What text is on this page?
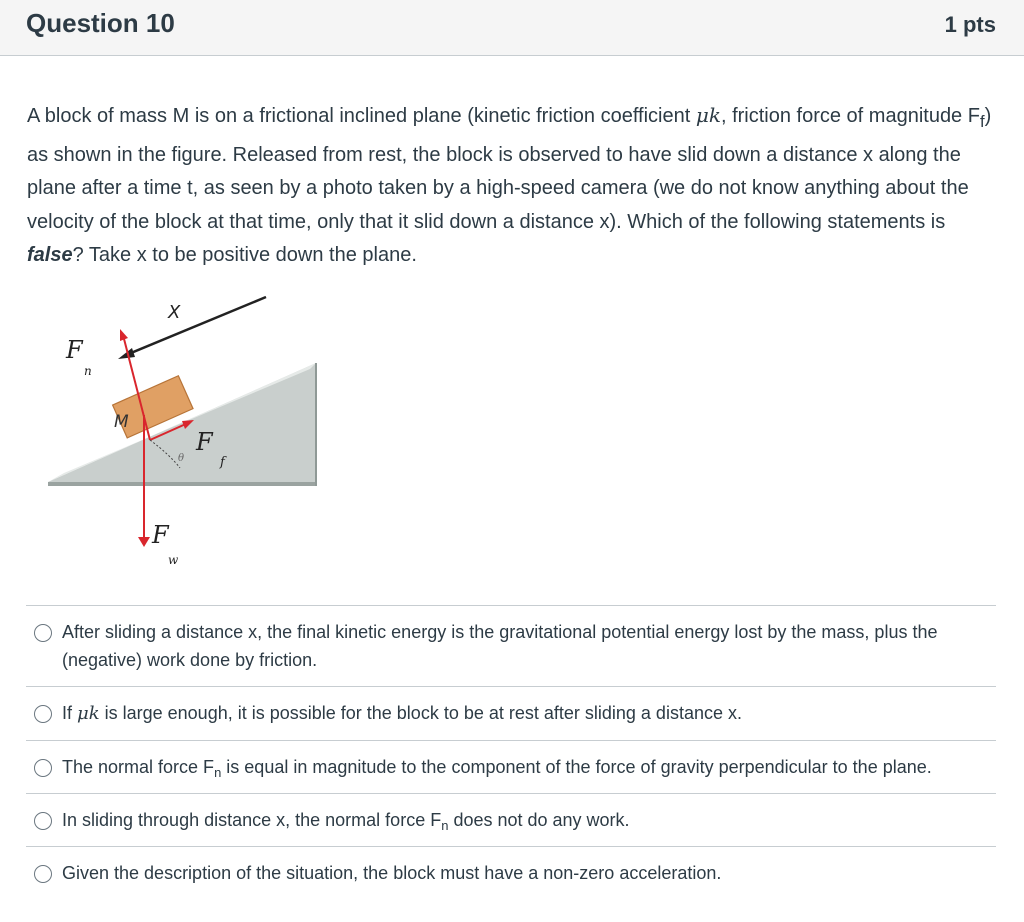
Question 10	1 pts
A block of mass M is on a frictional inclined plane (kinetic friction coefficient μk, friction force of magnitude $F_f$) as shown in the figure. Released from rest, the block is observed to have slid down a distance x along the plane after a time t, as seen by a photo taken by a high-speed camera (we do not know anything about the velocity of the block at that time, only that it slid down a distance x). Which of the following statements is false? Take x to be positive down the plane.
X
M
F
n
F
f
θ
F
w
After sliding a distance x, the final kinetic energy is the gravitational potential energy lost by the mass, plus the (negative) work done by friction.
If μk is large enough, it is possible for the block to be at rest after sliding a distance x.
The normal force $F_n$ is equal in magnitude to the component of the force of gravity perpendicular to the plane.
In sliding through distance x, the normal force $F_n$ does not do any work.
Given the description of the situation, the block must have a non-zero acceleration.
